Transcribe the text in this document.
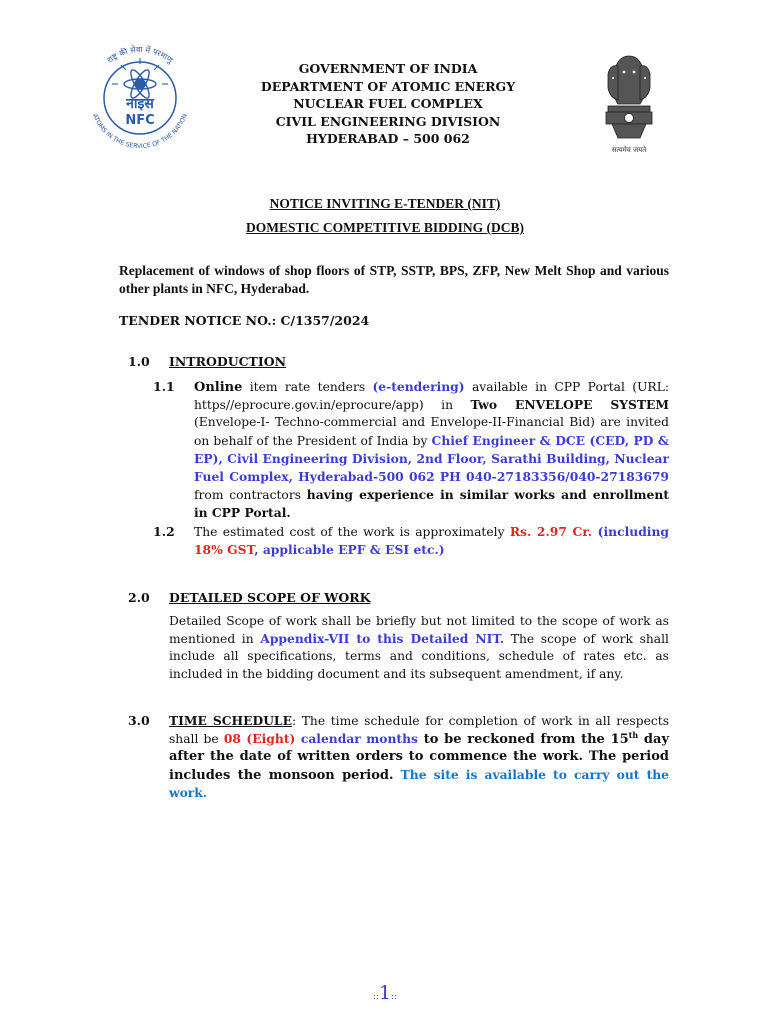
नाइस
NFC
राष्ट्र की सेवा में परमाणु
ATOMS IN THE SERVICE OF THE NATION
GOVERNMENT OF INDIA
DEPARTMENT OF ATOMIC ENERGY
NUCLEAR FUEL COMPLEX
CIVIL ENGINEERING DIVISION
HYDERABAD – 500 062
सत्यमेव जयते
NOTICE INVITING E-TENDER (NIT)
DOMESTIC COMPETITIVE BIDDING (DCB)
Replacement of windows of shop floors of STP, SSTP, BPS, ZFP, New Melt Shop and various other plants in NFC, Hyderabad.
TENDER NOTICE NO.: C/1357/2024
1.0 INTRODUCTION
1.1 Online item rate tenders (e-tendering) available in CPP Portal (URL: https//eprocure.gov.in/eprocure/app) in Two ENVELOPE SYSTEM (Envelope-I- Techno-commercial and Envelope-II-Financial Bid) are invited on behalf of the President of India by Chief Engineer & DCE (CED, PD & EP), Civil Engineering Division, 2nd Floor, Sarathi Building, Nuclear Fuel Complex, Hyderabad-500 062 PH 040-27183356/040-27183679 from contractors having experience in similar works and enrollment in CPP Portal.
1.2 The estimated cost of the work is approximately Rs. 2.97 Cr. (including 18% GST, applicable EPF & ESI etc.)
2.0 DETAILED SCOPE OF WORK
Detailed Scope of work shall be briefly but not limited to the scope of work as mentioned in Appendix-VII to this Detailed NIT. The scope of work shall include all specifications, terms and conditions, schedule of rates etc. as included in the bidding document and its subsequent amendment, if any.
3.0 TIME SCHEDULE: The time schedule for completion of work in all respects shall be 08 (Eight) calendar months to be reckoned from the 15th day after the date of written orders to commence the work. The period includes the monsoon period. The site is available to carry out the work.
::1::
